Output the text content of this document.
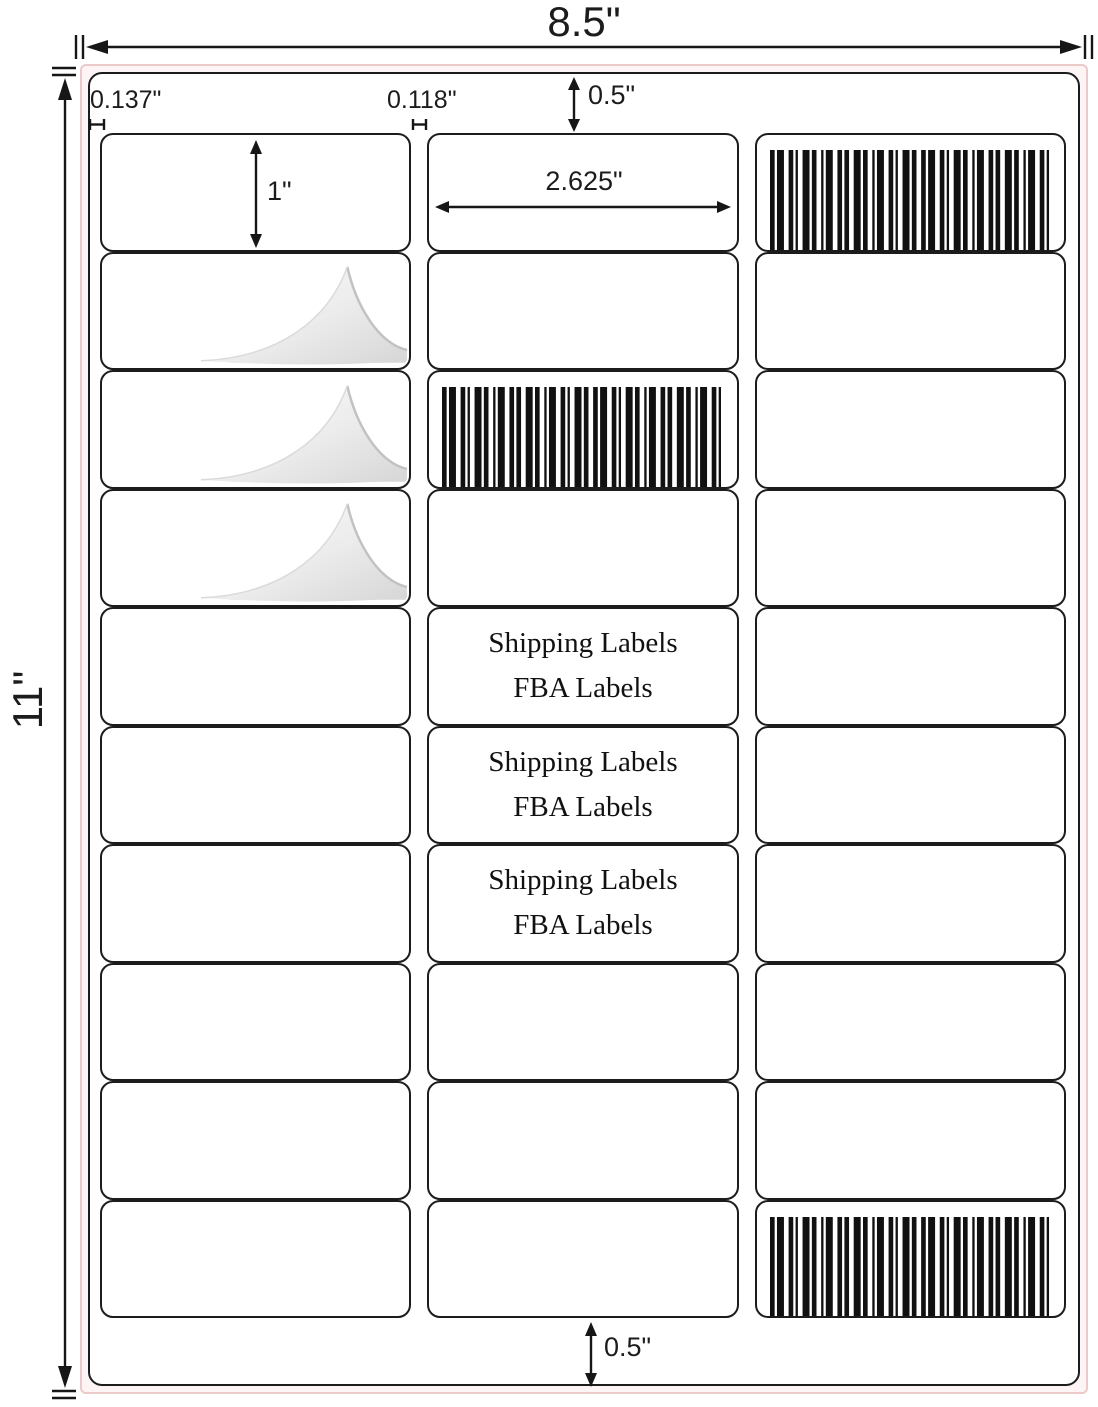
Shipping Labels
FBA Labels
Shipping Labels
FBA Labels
Shipping Labels
FBA Labels
8.5"
11"
0.5"
0.137"	0.118"
1"	2.625"
0.5"
